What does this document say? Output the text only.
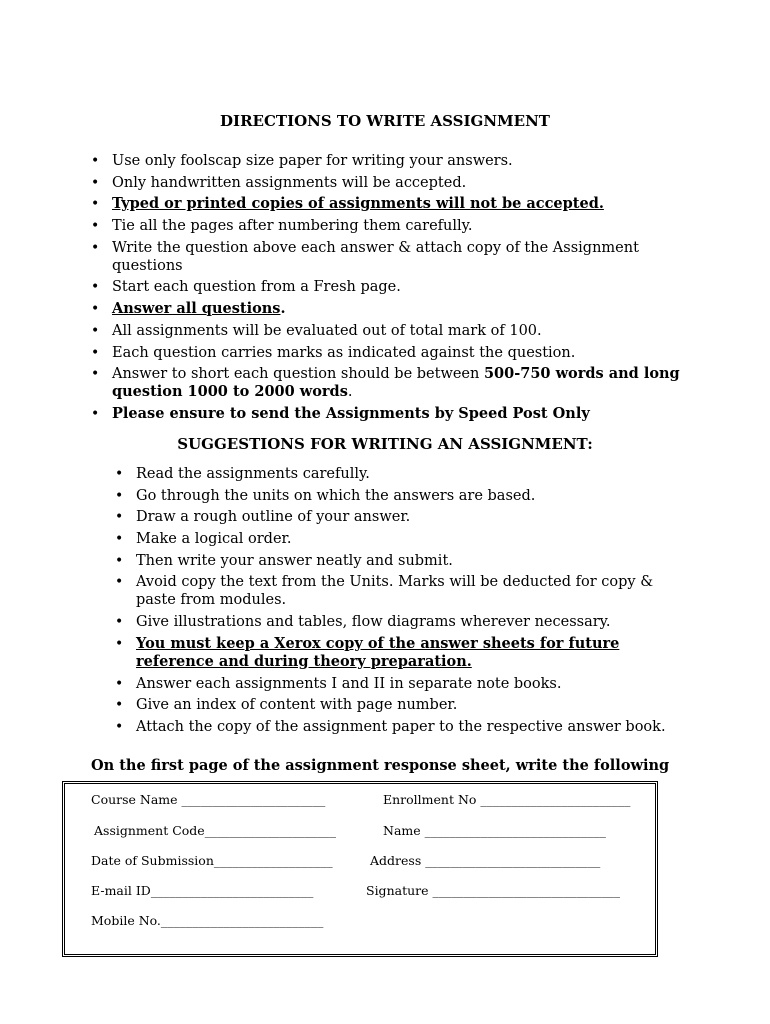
DIRECTIONS TO WRITE ASSIGNMENT
• Use only foolscap size paper for writing your answers.
• Only handwritten assignments will be accepted.
• Typed or printed copies of assignments will not be accepted.
• Tie all the pages after numbering them carefully.
• Write the question above each answer & attach copy of the Assignment questions
• Start each question from a Fresh page.
• Answer all questions.
• All assignments will be evaluated out of total mark of 100.
• Each question carries marks as indicated against the question.
• Answer to short each question should be between 500-750 words and long question 1000 to 2000 words.
• Please ensure to send the Assignments by Speed Post Only
SUGGESTIONS FOR WRITING AN ASSIGNMENT:
• Read the assignments carefully.
• Go through the units on which the answers are based.
• Draw a rough outline of your answer.
• Make a logical order.
• Then write your answer neatly and submit.
• Avoid copy the text from the Units. Marks will be deducted for copy & paste from modules.
• Give illustrations and tables, flow diagrams wherever necessary.
• You must keep a Xerox copy of the answer sheets for future reference and during theory preparation.
• Answer each assignments I and II in separate note books.
• Give an index of content with page number.
• Attach the copy of the assignment paper to the respective answer book.
On the first page of the assignment response sheet, write the following
Course Name _______________________	Enrollment No ________________________
Assignment Code_____________________	Name _____________________________
Date of Submission___________________	Address ____________________________
E-mail ID__________________________	Signature ______________________________
Mobile No.__________________________
